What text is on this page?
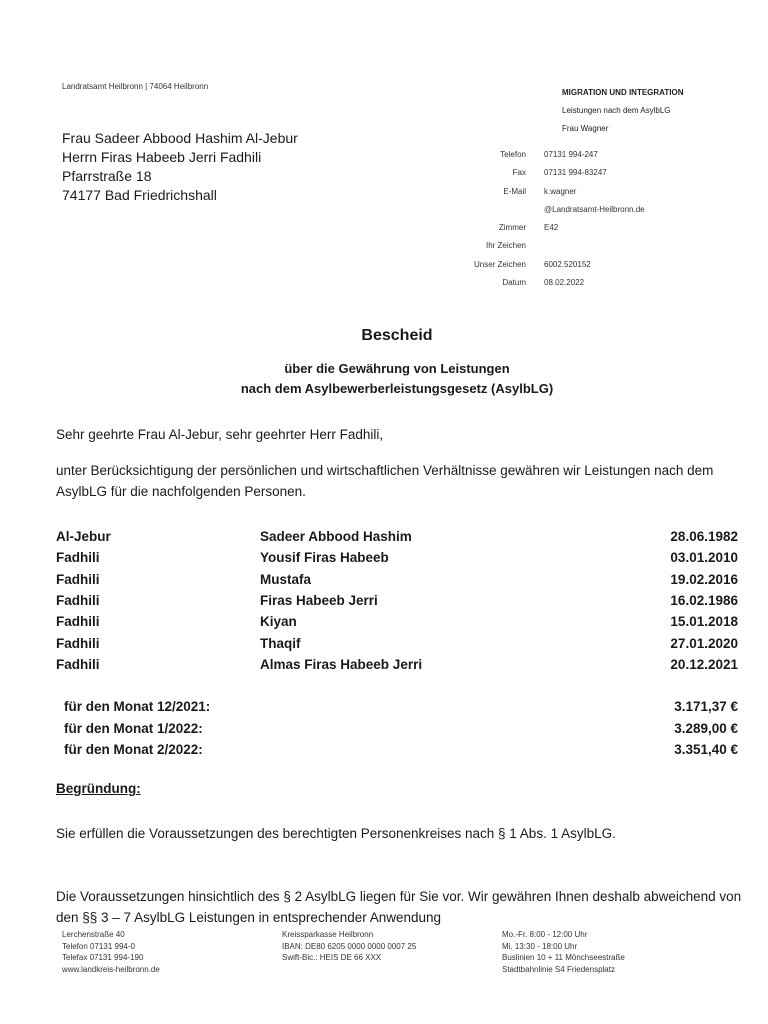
Landratsamt Heilbronn | 74064 Heilbronn
Frau Sadeer Abbood Hashim Al-Jebur
Herrn Firas Habeeb Jerri Fadhili
Pfarrstraße 18
74177 Bad Friedrichshall
MIGRATION UND INTEGRATION
Leistungen nach dem AsylbLG
Frau Wagner
Telefon	07131 994-247
Fax	07131 994-83247
E-Mail	k.wagner
@Landratsamt-Heilbronn.de
Zimmer	E42
Ihr Zeichen
Unser Zeichen	6002.520152
Datum	08.02.2022
Bescheid
über die Gewährung von Leistungen
nach dem Asylbewerberleistungsgesetz (AsylbLG)
Sehr geehrte Frau Al-Jebur, sehr geehrter Herr Fadhili,
unter Berücksichtigung der persönlichen und wirtschaftlichen Verhältnisse gewähren wir Leistungen nach dem AsylbLG für die nachfolgenden Personen.
Al-Jebur	Sadeer Abbood Hashim	28.06.1982
Fadhili	Yousif Firas Habeeb	03.01.2010
Fadhili	Mustafa	19.02.2016
Fadhili	Firas Habeeb Jerri	16.02.1986
Fadhili	Kiyan	15.01.2018
Fadhili	Thaqif	27.01.2020
Fadhili	Almas Firas Habeeb Jerri	20.12.2021
für den Monat 12/2021:	3.171,37 €
für den Monat 1/2022:	3.289,00 €
für den Monat 2/2022:	3.351,40 €
Begründung:
Sie erfüllen die Voraussetzungen des berechtigten Personenkreises nach § 1 Abs. 1 AsylbLG.
Die Voraussetzungen hinsichtlich des § 2 AsylbLG liegen für Sie vor. Wir gewähren Ihnen deshalb abweichend von den §§ 3 – 7 AsylbLG Leistungen in entsprechender Anwendung
Lerchenstraße 40
Telefon 07131 994-0
Telefax 07131 994-190
www.landkreis-heilbronn.de
Kreissparkasse Heilbronn
IBAN: DE80 6205 0000 0000 0007 25
Swift-Bic.: HEIS DE 66 XXX
Mo.-Fr. 8:00 - 12:00 Uhr
Mi. 13:30 - 18:00 Uhr
Buslinien 10 + 11 Mönchseestraße
Stadtbahnlinie S4 Friedensplatz
